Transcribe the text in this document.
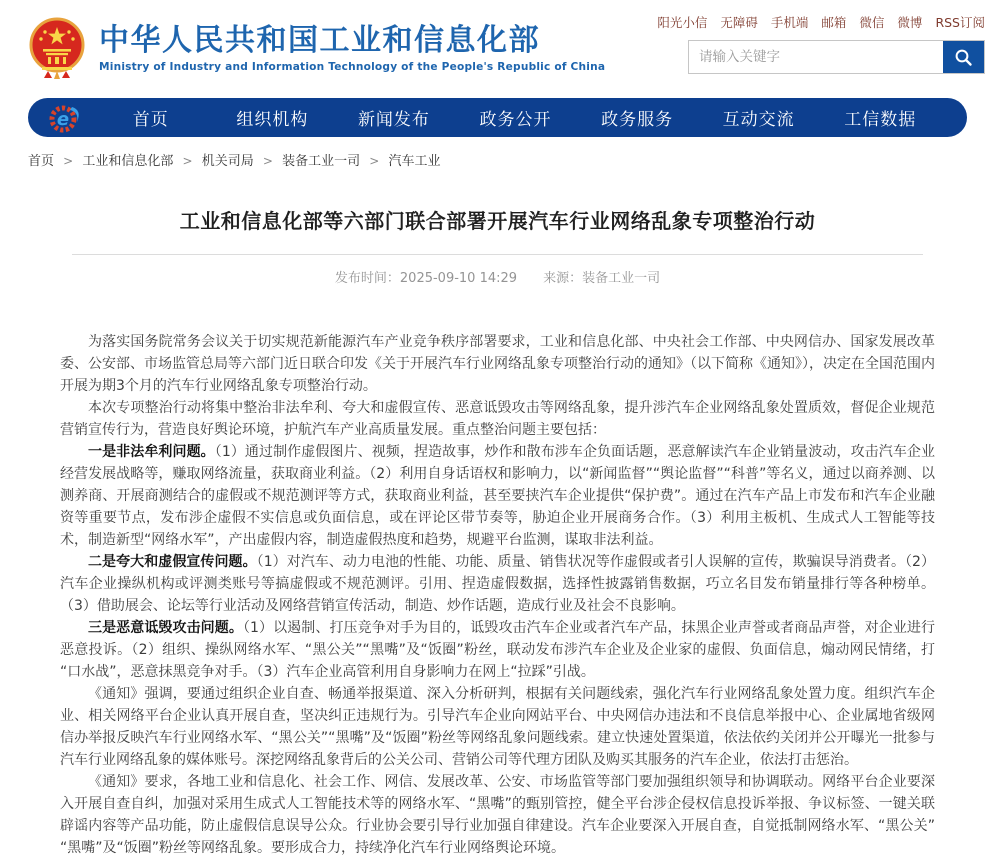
中华人民共和国工业和信息化部
Ministry of Industry and Information Technology of the People's Republic of China
阳光小信 无障碍 手机端 邮箱 微信 微博 RSS订阅
请输入关键字
e	首页	组织机构	新闻发布	政务公开	政务服务	互动交流	工信数据
首页 > 工业和信息化部 > 机关司局 > 装备工业一司 > 汽车工业
工业和信息化部等六部门联合部署开展汽车行业网络乱象专项整治行动
发布时间：2025-09-10 14:29 来源：装备工业一司

为落实国务院常务会议关于切实规范新能源汽车产业竞争秩序部署要求，工业和信息化部、中央社会工作部、中央网信办、国家发展改革委、公安部、市场监管总局等六部门近日联合印发《关于开展汽车行业网络乱象专项整治行动的通知》（以下简称《通知》），决定在全国范围内开展为期3个月的汽车行业网络乱象专项整治行动。

本次专项整治行动将集中整治非法牟利、夸大和虚假宣传、恶意诋毁攻击等网络乱象，提升涉汽车企业网络乱象处置质效，督促企业规范营销宣传行为，营造良好舆论环境，护航汽车产业高质量发展。重点整治问题主要包括：

一是非法牟利问题。（1）通过制作虚假图片、视频，捏造故事，炒作和散布涉车企负面话题，恶意解读汽车企业销量波动，攻击汽车企业经营发展战略等，赚取网络流量，获取商业利益。（2）利用自身话语权和影响力，以“新闻监督”“舆论监督”“科普”等名义，通过以商养测、以测养商、开展商测结合的虚假或不规范测评等方式，获取商业利益，甚至要挟汽车企业提供“保护费”。通过在汽车产品上市发布和汽车企业融资等重要节点，发布涉企虚假不实信息或负面信息，或在评论区带节奏等，胁迫企业开展商务合作。（3）利用主板机、生成式人工智能等技术，制造新型“网络水军”，产出虚假内容，制造虚假热度和趋势，规避平台监测，谋取非法利益。

二是夸大和虚假宣传问题。（1）对汽车、动力电池的性能、功能、质量、销售状况等作虚假或者引人误解的宣传，欺骗误导消费者。（2）汽车企业操纵机构或评测类账号等搞虚假或不规范测评。引用、捏造虚假数据，选择性披露销售数据，巧立名目发布销量排行等各种榜单。（3）借助展会、论坛等行业活动及网络营销宣传活动，制造、炒作话题，造成行业及社会不良影响。

三是恶意诋毁攻击问题。（1）以遏制、打压竞争对手为目的，诋毁攻击汽车企业或者汽车产品，抹黑企业声誉或者商品声誉，对企业进行恶意投诉。（2）组织、操纵网络水军、“黑公关”“黑嘴”及“饭圈”粉丝，联动发布涉汽车企业及企业家的虚假、负面信息，煽动网民情绪，打“口水战”，恶意抹黑竞争对手。（3）汽车企业高管利用自身影响力在网上“拉踩”引战。

《通知》强调，要通过组织企业自查、畅通举报渠道、深入分析研判，根据有关问题线索，强化汽车行业网络乱象处置力度。组织汽车企业、相关网络平台企业认真开展自查，坚决纠正违规行为。引导汽车企业向网站平台、中央网信办违法和不良信息举报中心、企业属地省级网信办举报反映汽车行业网络水军、“黑公关”“黑嘴”及“饭圈”粉丝等网络乱象问题线索。建立快速处置渠道，依法依约关闭并公开曝光一批参与汽车行业网络乱象的媒体账号。深挖网络乱象背后的公关公司、营销公司等代理方团队及购买其服务的汽车企业，依法打击惩治。

《通知》要求，各地工业和信息化、社会工作、网信、发展改革、公安、市场监管等部门要加强组织领导和协调联动。网络平台企业要深入开展自查自纠，加强对采用生成式人工智能技术等的网络水军、“黑嘴”的甄别管控，健全平台涉企侵权信息投诉举报、争议标签、一键关联辟谣内容等产品功能，防止虚假信息误导公众。行业协会要引导行业加强自律建设。汽车企业要深入开展自查，自觉抵制网络水军、“黑公关”“黑嘴”及“饭圈”粉丝等网络乱象。要形成合力，持续净化汽车行业网络舆论环境。
